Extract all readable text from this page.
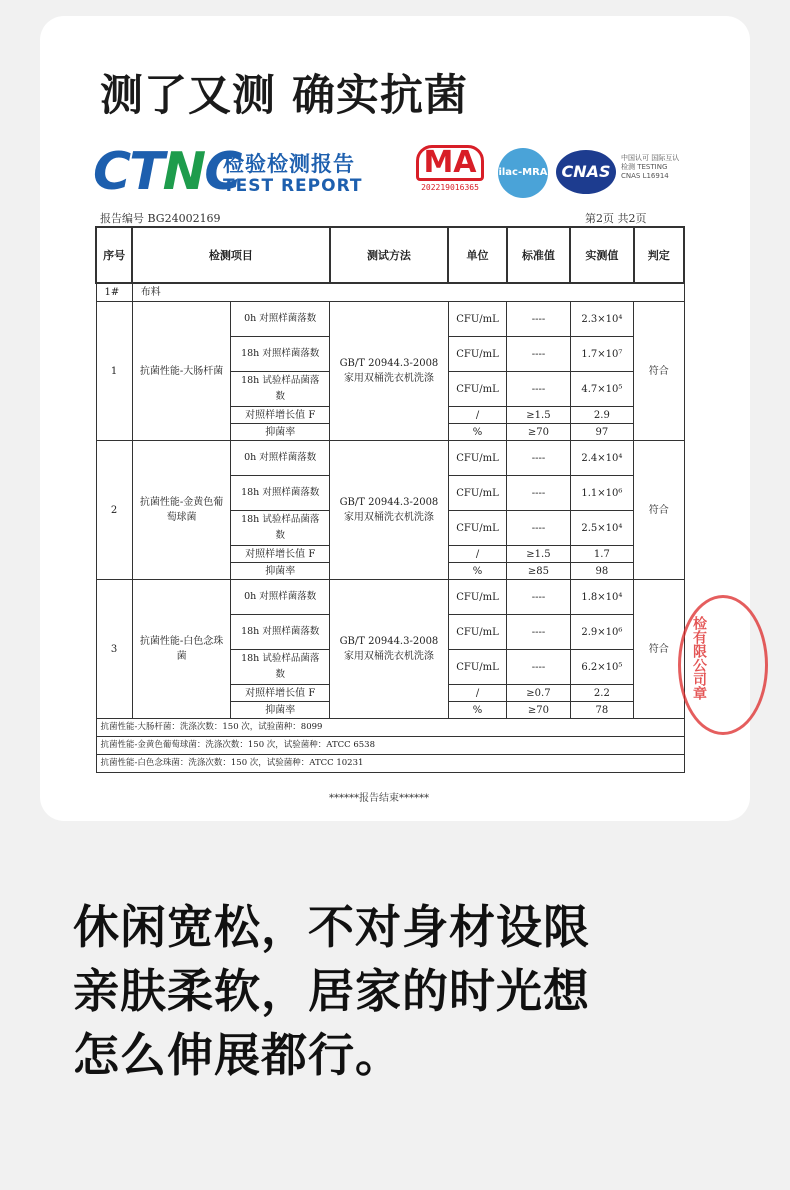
测了又测 确实抗菌
CTNC
检验检测报告
TEST REPORT
MA
202219016365
ilac-MRA CNAS
中国认可 国际互认 检测 TESTING CNAS L16914
报告编号 BG24002169	第2页 共2页
序号	检测项目		测试方法	单位	标准值	实测值	判定
1#	布料						
1	抗菌性能-大肠杆菌	0h 对照样菌落数	GB/T 20944.3-2008 家用双桶洗衣机洗涤	CFU/mL	----	2.3×10⁴	符合
		18h 对照样菌落数		CFU/mL	----	1.7×10⁷	
		18h 试验样品菌落数		CFU/mL	----	4.7×10⁵	
		对照样增长值 F		/	≥1.5	2.9	
		抑菌率		%	≥70	97	
2	抗菌性能-金黄色葡萄球菌	0h 对照样菌落数	GB/T 20944.3-2008 家用双桶洗衣机洗涤	CFU/mL	----	2.4×10⁴	符合
		18h 对照样菌落数		CFU/mL	----	1.1×10⁶	
		18h 试验样品菌落数		CFU/mL	----	2.5×10⁴	
		对照样增长值 F		/	≥1.5	1.7	
		抑菌率		%	≥85	98	
3	抗菌性能-白色念珠菌	0h 对照样菌落数	GB/T 20944.3-2008 家用双桶洗衣机洗涤	CFU/mL	----	1.8×10⁴	符合
		18h 对照样菌落数		CFU/mL	----	2.9×10⁶	
		18h 试验样品菌落数		CFU/mL	----	6.2×10⁵	
		对照样增长值 F		/	≥0.7	2.2	
		抑菌率		%	≥70	78	
抗菌性能-大肠杆菌：洗涤次数：150 次，试验菌种：8099							
抗菌性能-金黄色葡萄球菌：洗涤次数：150 次，试验菌种：ATCC 6538							
抗菌性能-白色念珠菌：洗涤次数：150 次，试验菌种：ATCC 10231							
******报告结束******
检有限公司章
休闲宽松，不对身材设限
亲肤柔软，居家的时光想
怎么伸展都行。
